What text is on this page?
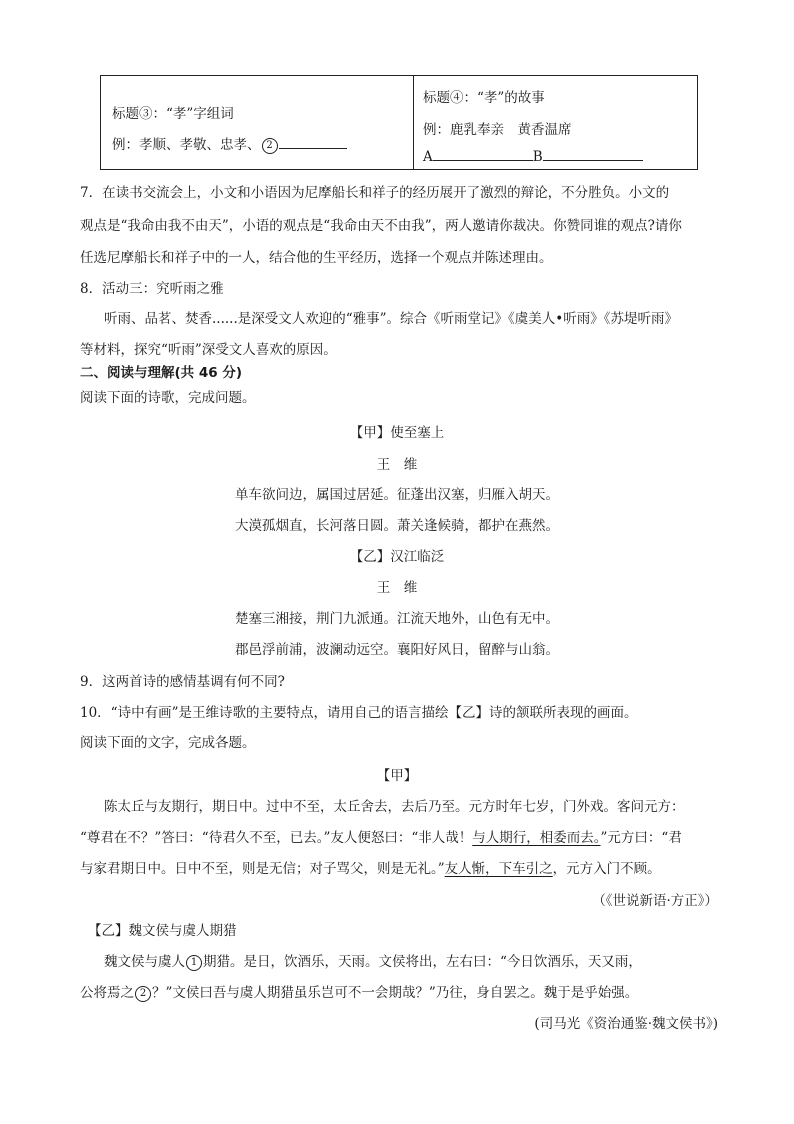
标题③：“孝”字组词
例：孝顺、孝敬、忠孝、 2
标题④：“孝”的故事
例：鹿乳奉亲　黄香温席
A	B
7．在读书交流会上，小文和小语因为尼摩船长和祥子的经历展开了激烈的辩论，不分胜负。小文的
观点是“我命由我不由天”，小语的观点是“我命由天不由我”，两人邀请你裁决。你赞同谁的观点?请你
任选尼摩船长和祥子中的一人，结合他的生平经历，选择一个观点并陈述理由。
8．活动三：究听雨之雅
听雨、品茗、焚香......是深受文人欢迎的“雅事”。综合《听雨堂记》《虞美人•听雨》《苏堤听雨》
等材料，探究“听雨”深受文人喜欢的原因。
二、阅读与理解(共 46 分)
阅读下面的诗歌，完成问题。
【甲】使至塞上
王　维
单车欲问边，属国过居延。征蓬出汉塞，归雁入胡天。
大漠孤烟直，长河落日圆。萧关逢候骑，都护在燕然。
【乙】汉江临泛
王　维
楚塞三湘接，荆门九派通。江流天地外，山色有无中。
郡邑浮前浦，波澜动远空。襄阳好风日，留醉与山翁。
9．这两首诗的感情基调有何不同?
10．“诗中有画”是王维诗歌的主要特点，请用自己的语言描绘【乙】诗的颔联所表现的画面。
阅读下面的文字，完成各题。
【甲】
陈太丘与友期行，期日中。过中不至，太丘舍去，去后乃至。元方时年七岁，门外戏。客问元方：
“尊君在不？”答曰：“待君久不至，已去。”友人便怒曰：“非人哉！与人期行，相委而去。”元方曰：“君
与家君期日中。日中不至，则是无信；对子骂父，则是无礼。”友人惭，下车引之，元方入门不顾。
（《世说新语·方正》）
【乙】魏文侯与虞人期猎
魏文侯与虞人 1 期猎。是日，饮酒乐，天雨。文侯将出，左右曰：“今日饮酒乐，天又雨，
公将焉之 2 ？”文侯曰吾与虞人期猎虽乐岂可不一会期哉？”乃往，身自罢之。魏于是乎始强。
(司马光《资治通鉴·魏文侯书》)
